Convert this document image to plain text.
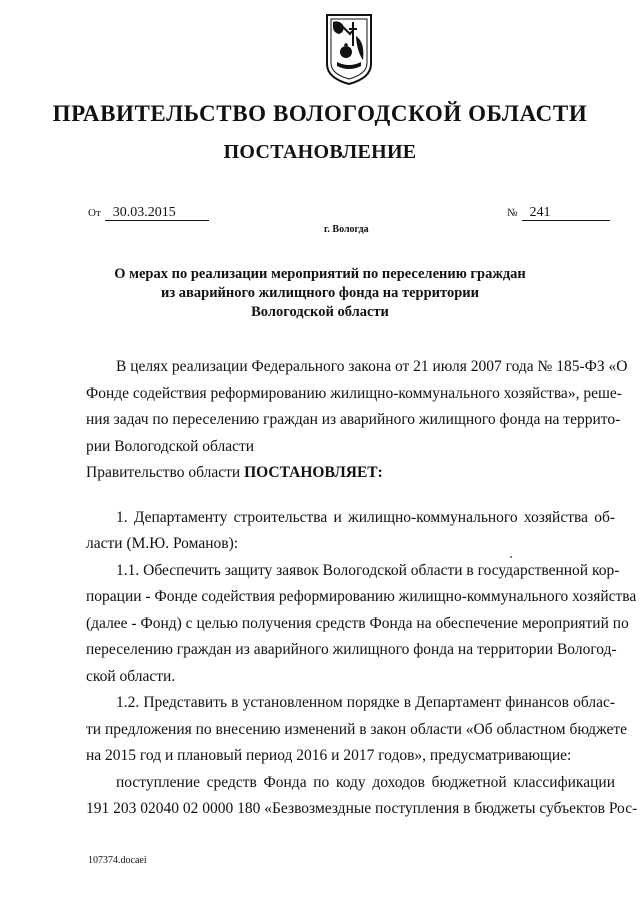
ПРАВИТЕЛЬСТВО ВОЛОГОДСКОЙ ОБЛАСТИ
ПОСТАНОВЛЕНИЕ
От 30.03.2015	№ 241
г. Вологда
О мерах по реализации мероприятий по переселению граждан
из аварийного жилищного фонда на территории
Вологодской области
В целях реализации Федерального закона от 21 июля 2007 года № 185-ФЗ «О
Фонде содействия реформированию жилищно-коммунального хозяйства», реше-
ния задач по переселению граждан из аварийного жилищного фонда на террито-
рии Вологодской области
Правительство области ПОСТАНОВЛЯЕТ:
1. Департаменту строительства и жилищно-коммунального хозяйства об-
ласти (М.Ю. Романов):
1.1. Обеспечить защиту заявок Вологодской области в государственной кор-
порации - Фонде содействия реформированию жилищно-коммунального хозяйства
(далее - Фонд) с целью получения средств Фонда на обеспечение мероприятий по
переселению граждан из аварийного жилищного фонда на территории Вологод-
ской области.
1.2. Представить в установленном порядке в Департамент финансов облас-
ти предложения по внесению изменений в закон области «Об областном бюджете
на 2015 год и плановый период 2016 и 2017 годов», предусматривающие:
поступление средств Фонда по коду доходов бюджетной классификации
191 203 02040 02 0000 180 «Безвозмездные поступления в бюджеты субъектов Рос-
107374.docaei
